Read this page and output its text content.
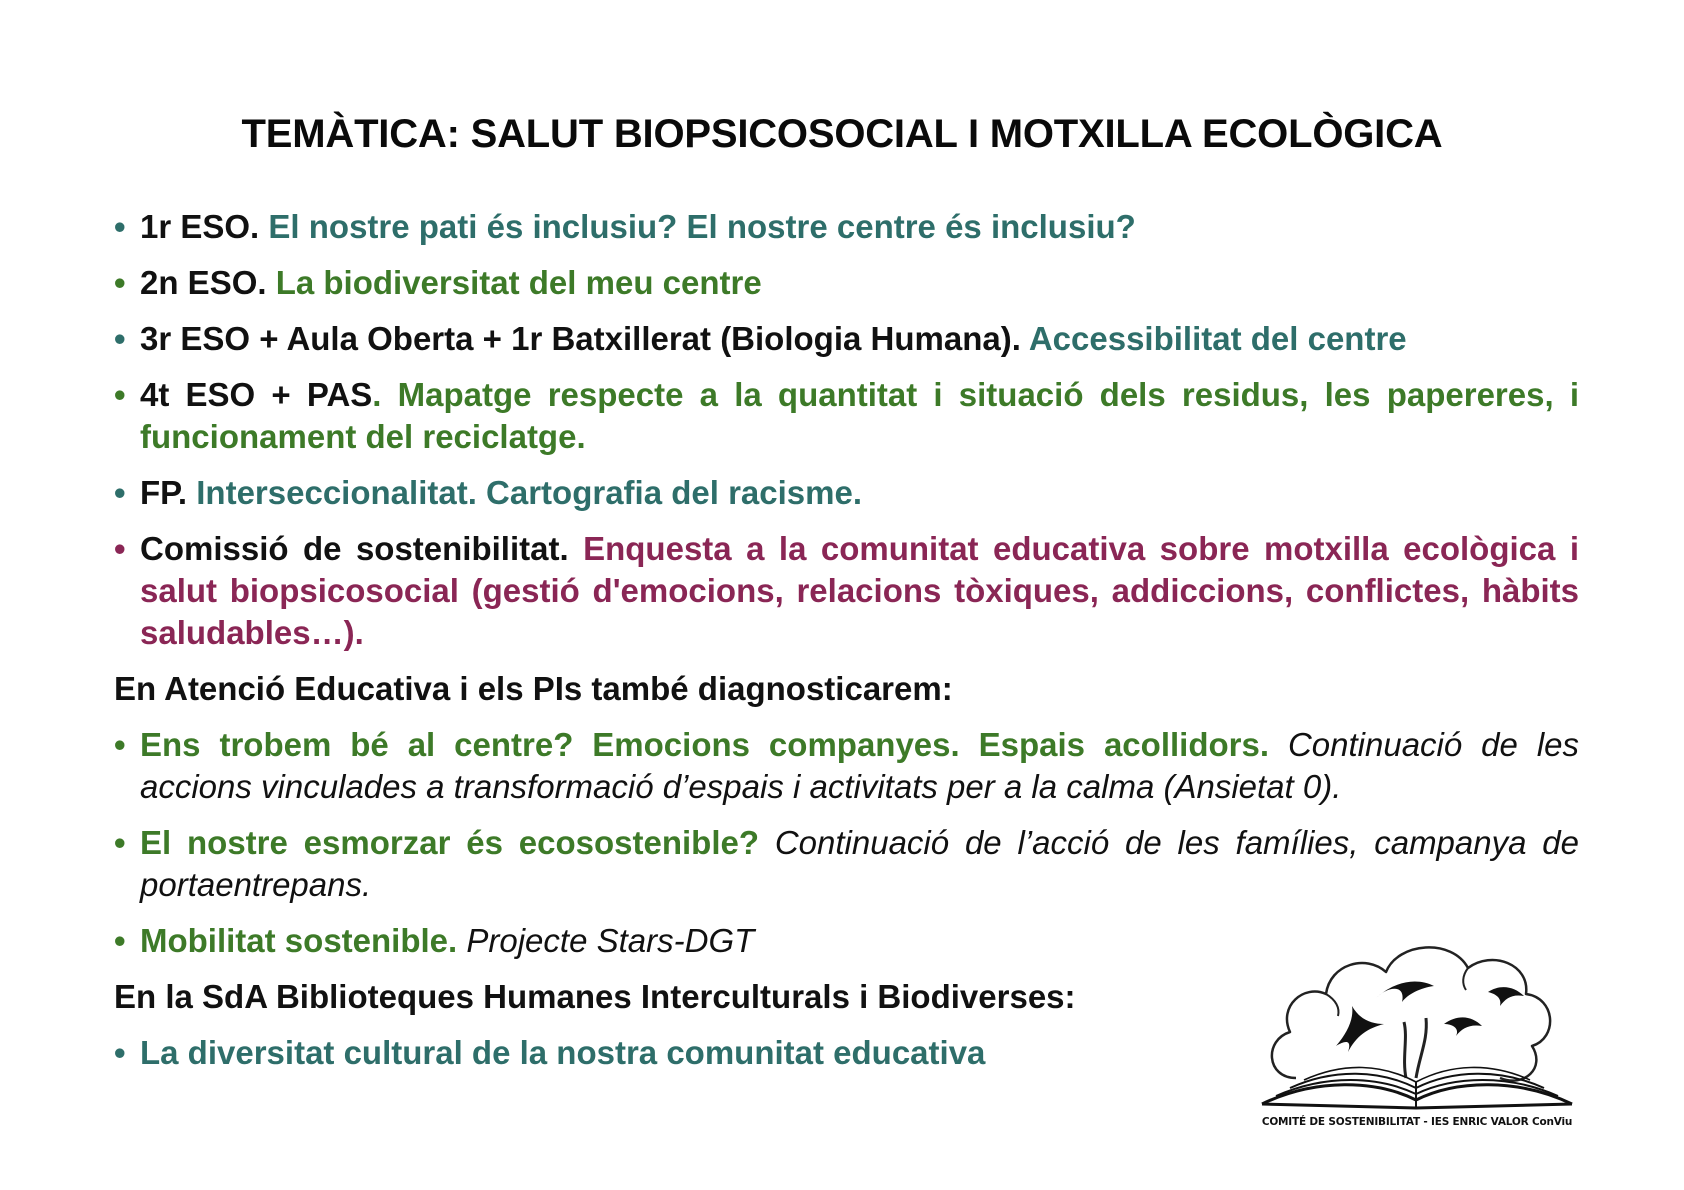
TEMÀTICA: SALUT BIOPSICOSOCIAL I MOTXILLA ECOLÒGICA
• 1r ESO. El nostre pati és inclusiu? El nostre centre és inclusiu?
• 2n ESO. La biodiversitat del meu centre
• 3r ESO + Aula Oberta + 1r Batxillerat (Biologia Humana). Accessibilitat del centre
• 4t ESO + PAS. Mapatge respecte a la quantitat i situació dels residus, les papereres, i funcionament del reciclatge.
• FP. Interseccionalitat. Cartografia del racisme.
• Comissió de sostenibilitat. Enquesta a la comunitat educativa sobre motxilla ecològica i salut biopsicosocial (gestió d'emocions, relacions tòxiques, addiccions, conflictes, hàbits saludables…).
En Atenció Educativa i els PIs també diagnosticarem:
• Ens trobem bé al centre? Emocions companyes. Espais acollidors. Continuació de les accions vinculades a transformació d’espais i activitats per a la calma (Ansietat 0).
• El nostre esmorzar és ecosostenible? Continuació de l’acció de les famílies, campanya de portaentrepans.
• Mobilitat sostenible. Projecte Stars-DGT
En la SdA Biblioteques Humanes Interculturals i Biodiverses:
• La diversitat cultural de la nostra comunitat educativa
COMITÉ DE SOSTENIBILITAT - IES ENRIC VALOR ConViu
